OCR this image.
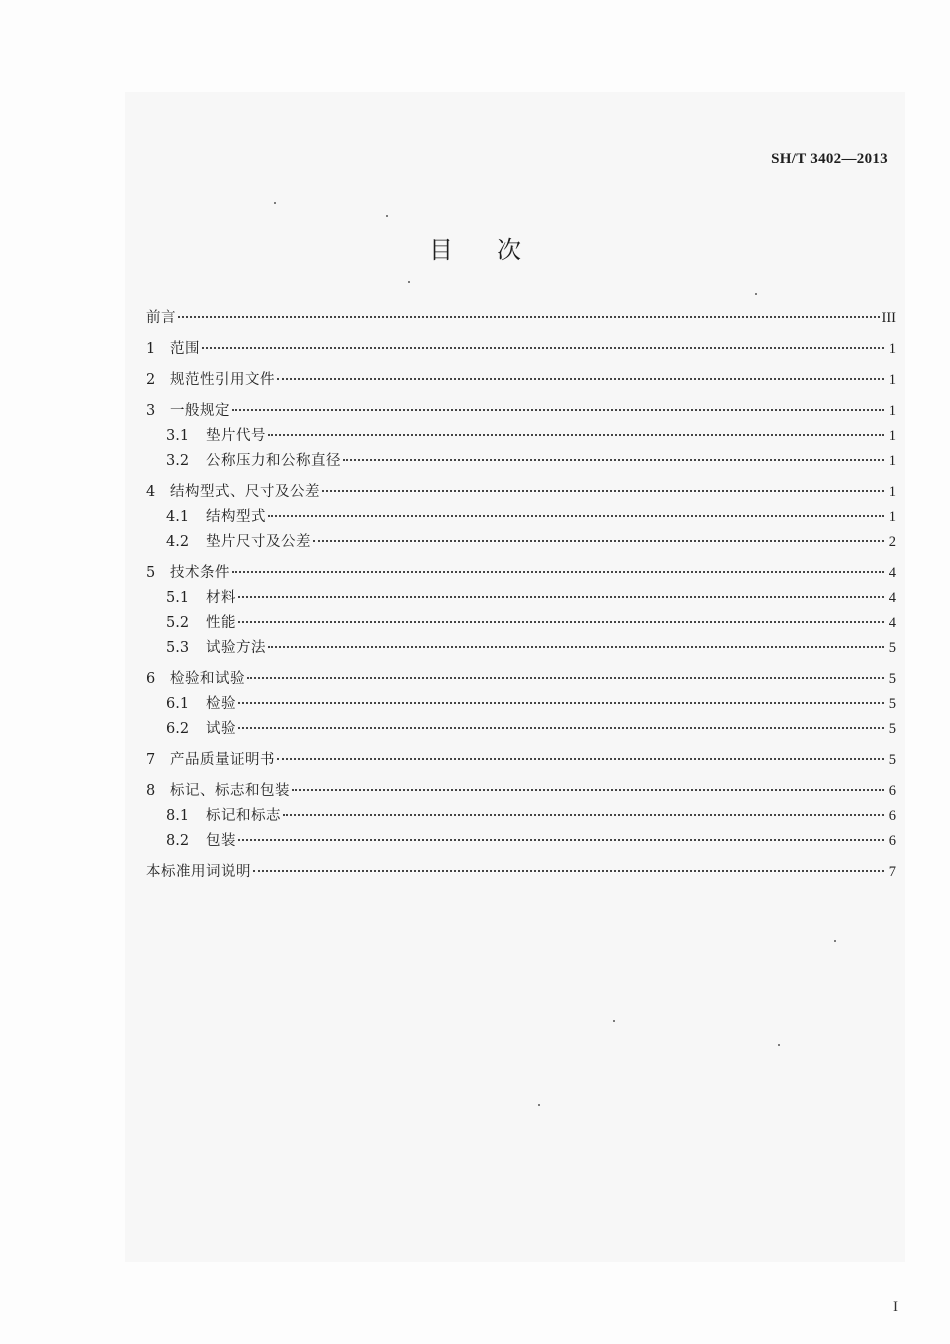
SH/T 3402—2013
目次
前言	III
1	范围	1
2	规范性引用文件	1
3	一般规定	1
3.1	垫片代号	1
3.2	公称压力和公称直径	1
4	结构型式、尺寸及公差	1
4.1	结构型式	1
4.2	垫片尺寸及公差	2
5	技术条件	4
5.1	材料	4
5.2	性能	4
5.3	试验方法	5
6	检验和试验	5
6.1	检验	5
6.2	试验	5
7	产品质量证明书	5
8	标记、标志和包装	6
8.1	标记和标志	6
8.2	包装	6
本标准用词说明	7
I
